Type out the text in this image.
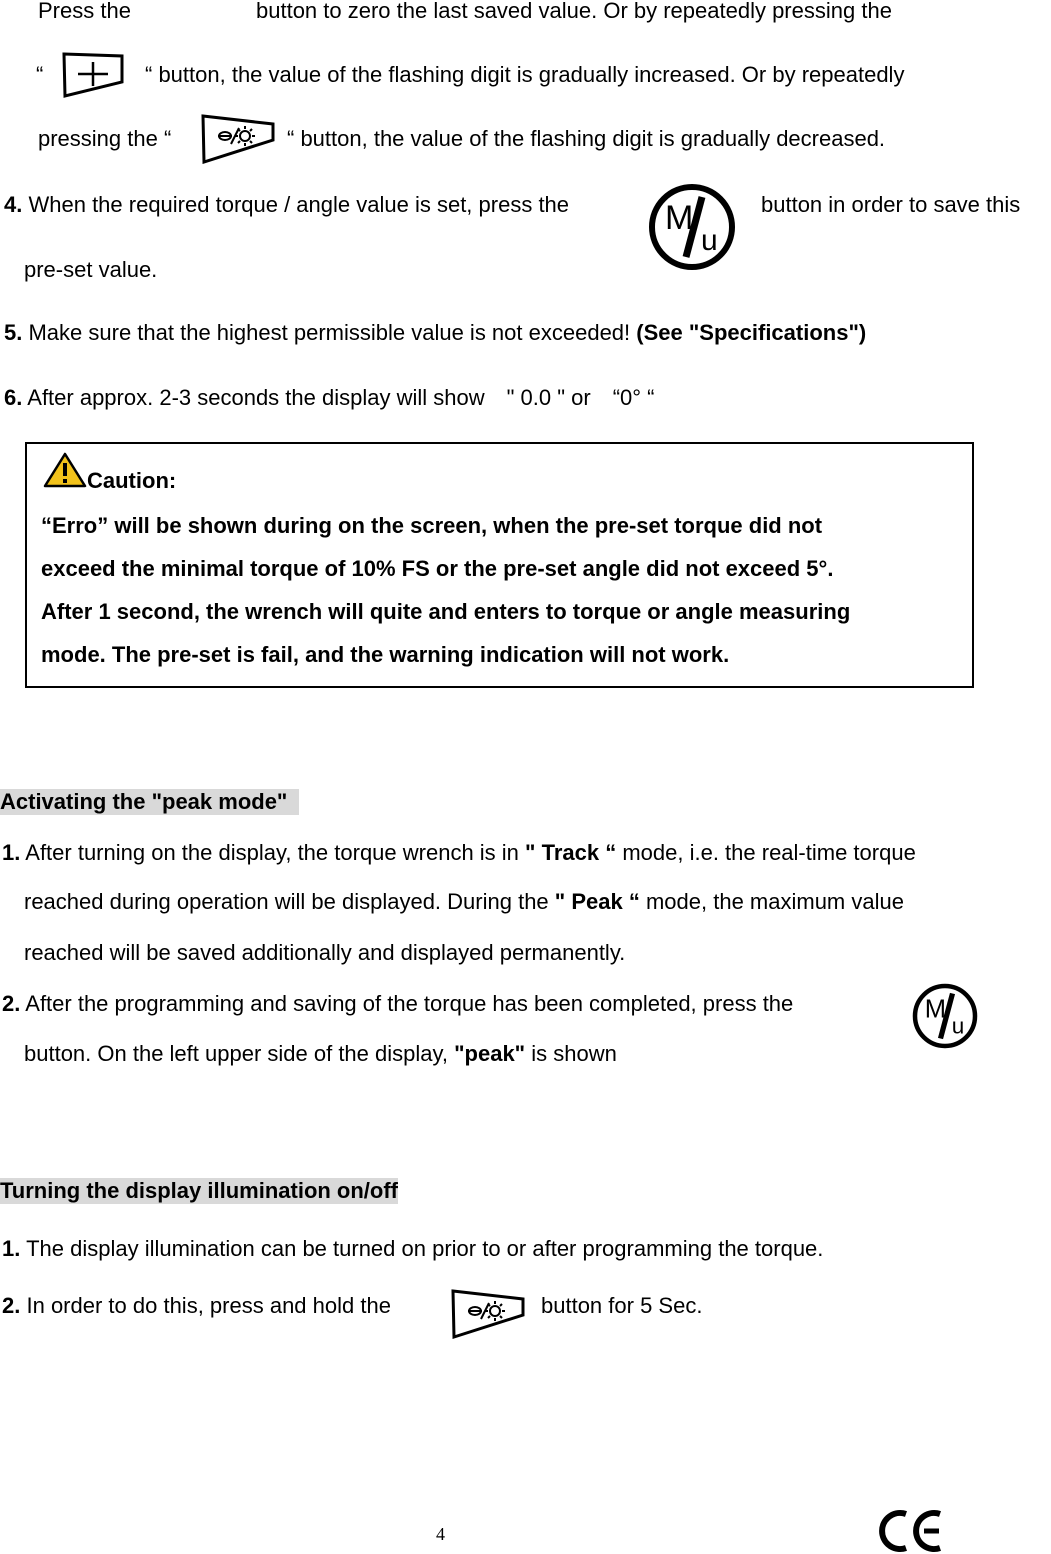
Press the	button to zero the last saved value. Or by repeatedly pressing the
“	“ button, the value of the flashing digit is gradually increased. Or by repeatedly
pressing the “	“ button, the value of the flashing digit is gradually decreased.
4. When the required torque / angle value is set, press the	M
u
button in order to save this
pre-set value.
5. Make sure that the highest permissible value is not exceeded! (See "Specifications")
6. After approx. 2-3 seconds the display will show　" 0.0 " or　“0° “
Caution:
“Erro” will be shown during on the screen, when the pre-set torque did not
exceed the minimal torque of 10% FS or the pre-set angle did not exceed 5°.
After 1 second, the wrench will quite and enters to torque or angle measuring
mode. The pre-set is fail, and the warning indication will not work.
Activating the "peak mode"
1. After turning on the display, the torque wrench is in " Track “ mode, i.e. the real-time torque
reached during operation will be displayed. During the " Peak “ mode, the maximum value
reached will be saved additionally and displayed permanently.
2. After the programming and saving of the torque has been completed, press the	M
u
button. On the left upper side of the display, "peak" is shown
Turning the display illumination on/off
1. The display illumination can be turned on prior to or after programming the torque.
2. In order to do this, press and hold the	button for 5 Sec.
4
